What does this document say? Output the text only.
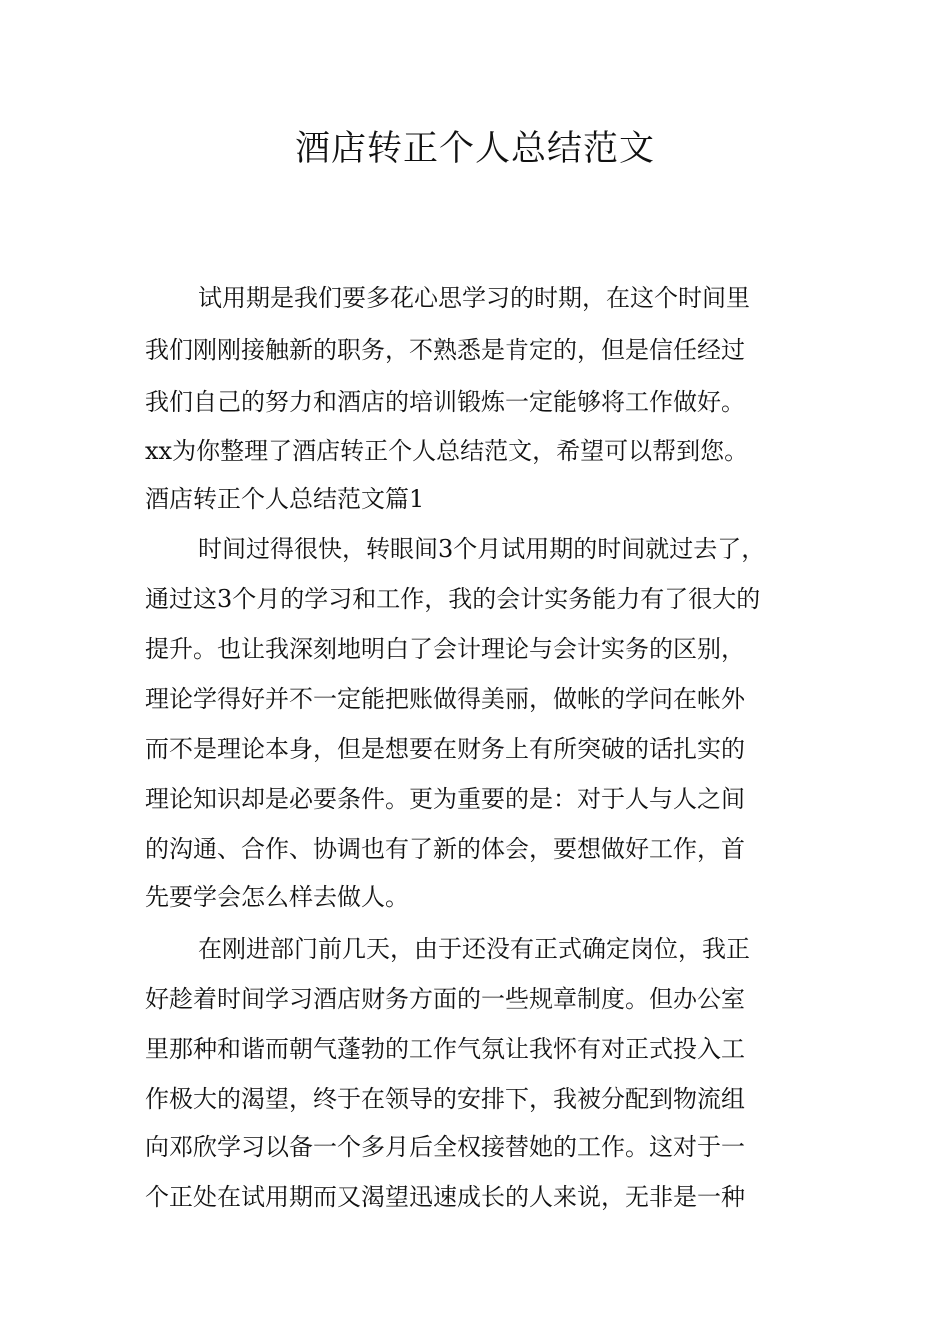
酒店转正个人总结范文
试用期是我们要多花心思学习的时期，在这个时间里
我们刚刚接触新的职务，不熟悉是肯定的，但是信任经过
我们自己的努力和酒店的培训锻炼一定能够将工作做好。
xx为你整理了酒店转正个人总结范文，希望可以帮到您。
酒店转正个人总结范文篇1
时间过得很快，转眼间3个月试用期的时间就过去了，
通过这3个月的学习和工作，我的会计实务能力有了很大的
提升。也让我深刻地明白了会计理论与会计实务的区别，
理论学得好并不一定能把账做得美丽，做帐的学问在帐外
而不是理论本身，但是想要在财务上有所突破的话扎实的
理论知识却是必要条件。更为重要的是：对于人与人之间
的沟通、合作、协调也有了新的体会，要想做好工作，首
先要学会怎么样去做人。
在刚进部门前几天，由于还没有正式确定岗位，我正
好趁着时间学习酒店财务方面的一些规章制度。但办公室
里那种和谐而朝气蓬勃的工作气氛让我怀有对正式投入工
作极大的渴望，终于在领导的安排下，我被分配到物流组
向邓欣学习以备一个多月后全权接替她的工作。这对于一
个正处在试用期而又渴望迅速成长的人来说，无非是一种
